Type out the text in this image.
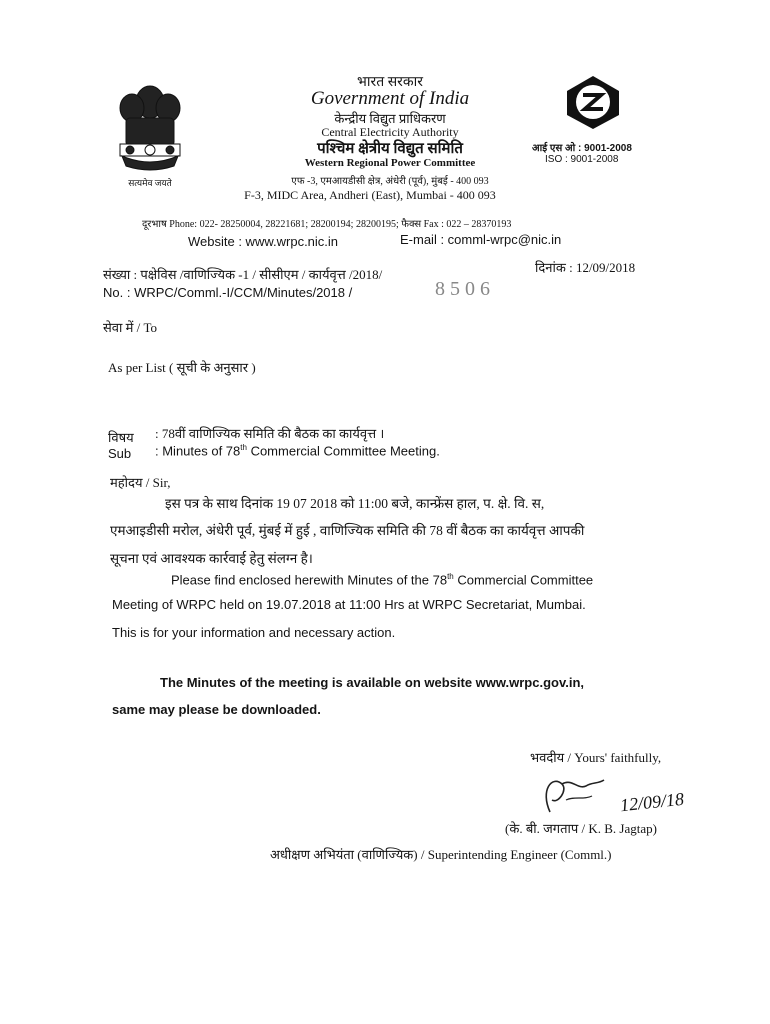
सत्यमेव जयते
भारत सरकार
Government of India
केन्द्रीय विद्युत प्राधिकरण
Central Electricity Authority
पश्चिम क्षेत्रीय विद्युत समिति
Western Regional Power Committee
एफ -3, एमआयडीसी क्षेत्र, अंधेरी (पूर्व), मुंबई - 400 093
F-3, MIDC Area, Andheri (East), Mumbai - 400 093
आई एस ओ : 9001-2008
ISO : 9001-2008
दूरभाष Phone: 022- 28250004, 28221681; 28200194; 28200195; फैक्स Fax : 022 – 28370193
Website : www.wrpc.nic.in	E-mail : comml-wrpc@nic.in
संख्या : पक्षेविस /वाणिज्यिक -1 / सीसीएम / कार्यवृत्त /2018/
No. : WRPC/Comml.-I/CCM/Minutes/2018 /	8506
दिनांक : 12/09/2018
सेवा में / To
As per List ( सूची के अनुसार )
विषय : 78वीं वाणिज्यिक समिति की बैठक का कार्यवृत्त ।
Sub : Minutes of 78th Commercial Committee Meeting.
महोदय / Sir,
इस पत्र के साथ दिनांक 19 07 2018 को 11:00 बजे, कान्फ्रेंस हाल, प. क्षे. वि. स,
एमआइडीसी मरोल, अंधेरी पूर्व, मुंबई में हुई , वाणिज्यिक समिति की 78 वीं बैठक का कार्यवृत्त आपकी
सूचना एवं आवश्यक कार्रवाई हेतु संलग्न है।
Please find enclosed herewith Minutes of the 78th Commercial Committee
Meeting of WRPC held on 19.07.2018 at 11:00 Hrs at WRPC Secretariat, Mumbai.
This is for your information and necessary action.
The Minutes of the meeting is available on website www.wrpc.gov.in,
same may please be downloaded.
भवदीय / Yours' faithfully,
12/09/18
(के. बी. जगताप / K. B. Jagtap)
अधीक्षण अभियंता (वाणिज्यिक) / Superintending Engineer (Comml.)
